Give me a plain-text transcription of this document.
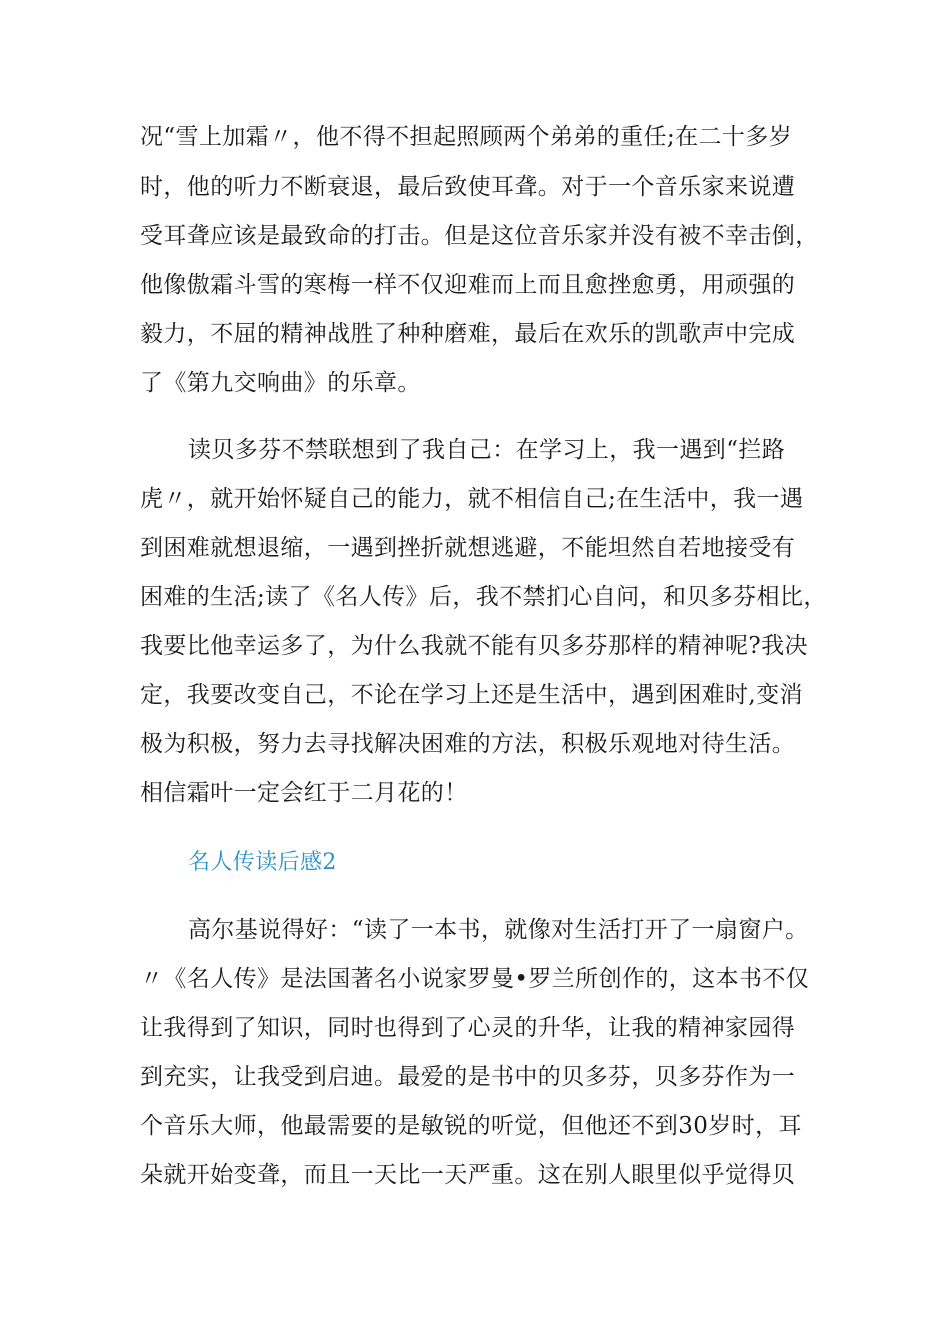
况“雪上加霜〃，他不得不担起照顾两个弟弟的重任;在二十多岁
时，他的听力不断衰退，最后致使耳聋。对于一个音乐家来说遭
受耳聋应该是最致命的打击。但是这位音乐家并没有被不幸击倒，
他像傲霜斗雪的寒梅一样不仅迎难而上而且愈挫愈勇，用顽强的
毅力，不屈的精神战胜了种种磨难，最后在欢乐的凯歌声中完成
了《第九交响曲》的乐章。
读贝多芬不禁联想到了我自己：在学习上，我一遇到“拦路
虎〃，就开始怀疑自己的能力，就不相信自己;在生活中，我一遇
到困难就想退缩，一遇到挫折就想逃避，不能坦然自若地接受有
困难的生活;读了《名人传》后，我不禁扪心自问，和贝多芬相比，
我要比他幸运多了，为什么我就不能有贝多芬那样的精神呢?我决
定，我要改变自己，不论在学习上还是生活中，遇到困难时,变消
极为积极，努力去寻找解决困难的方法，积极乐观地对待生活。
相信霜叶一定会红于二月花的！
名人传读后感2
高尔基说得好：“读了一本书，就像对生活打开了一扇窗户。
〃《名人传》是法国著名小说家罗曼•罗兰所创作的，这本书不仅
让我得到了知识，同时也得到了心灵的升华，让我的精神家园得
到充实，让我受到启迪。最爱的是书中的贝多芬，贝多芬作为一
个音乐大师，他最需要的是敏锐的听觉，但他还不到30岁时，耳
朵就开始变聋，而且一天比一天严重。这在别人眼里似乎觉得贝
